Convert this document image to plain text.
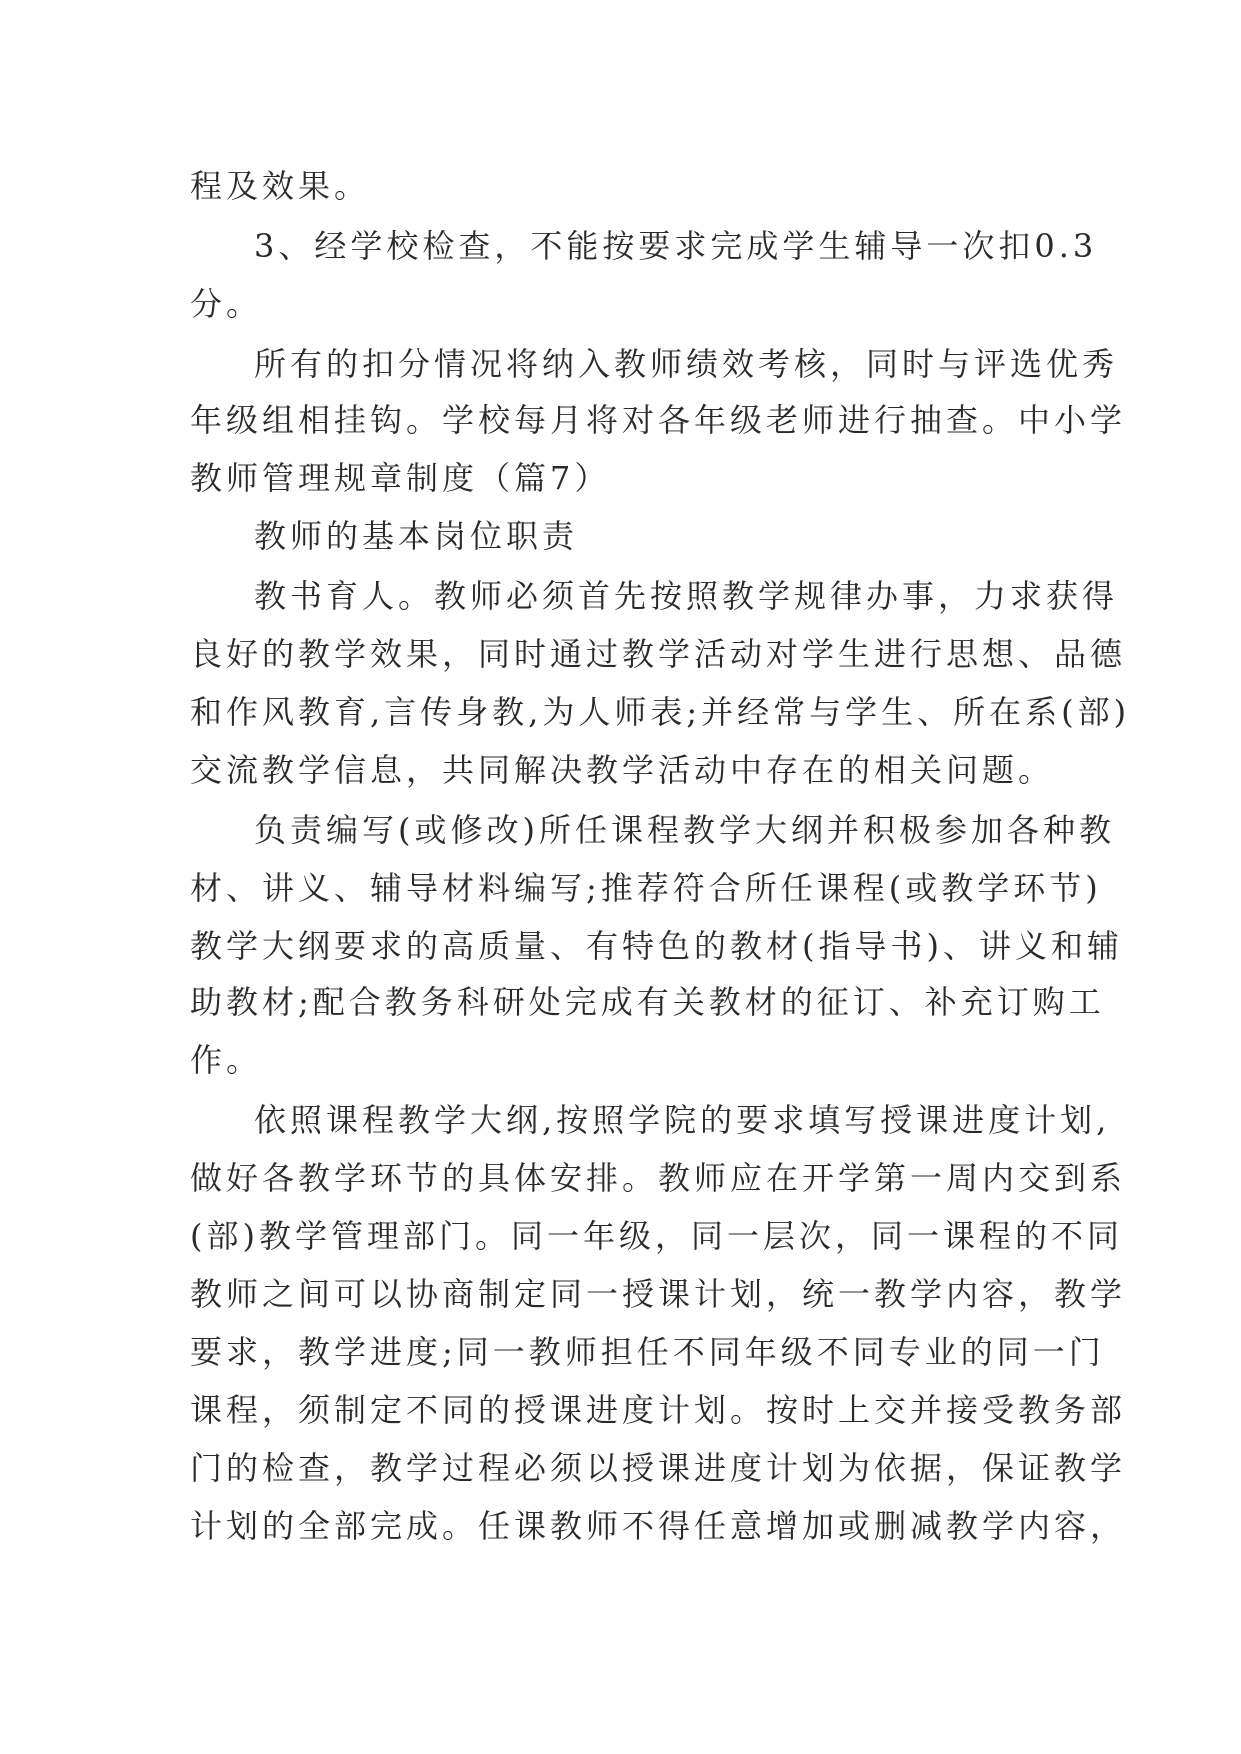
程及效果。
3、经学校检查，不能按要求完成学生辅导一次扣0.3
分。
所有的扣分情况将纳入教师绩效考核，同时与评选优秀
年级组相挂钩。学校每月将对各年级老师进行抽查。中小学
教师管理规章制度（篇7）
教师的基本岗位职责
教书育人。教师必须首先按照教学规律办事，力求获得
良好的教学效果，同时通过教学活动对学生进行思想、品德
和作风教育,言传身教,为人师表;并经常与学生、所在系(部)
交流教学信息，共同解决教学活动中存在的相关问题。
负责编写(或修改)所任课程教学大纲并积极参加各种教
材、讲义、辅导材料编写;推荐符合所任课程(或教学环节)
教学大纲要求的高质量、有特色的教材(指导书)、讲义和辅
助教材;配合教务科研处完成有关教材的征订、补充订购工
作。
依照课程教学大纲,按照学院的要求填写授课进度计划,
做好各教学环节的具体安排。教师应在开学第一周内交到系
(部)教学管理部门。同一年级，同一层次，同一课程的不同
教师之间可以协商制定同一授课计划，统一教学内容，教学
要求，教学进度;同一教师担任不同年级不同专业的同一门
课程，须制定不同的授课进度计划。按时上交并接受教务部
门的检查，教学过程必须以授课进度计划为依据，保证教学
计划的全部完成。任课教师不得任意增加或删减教学内容，
